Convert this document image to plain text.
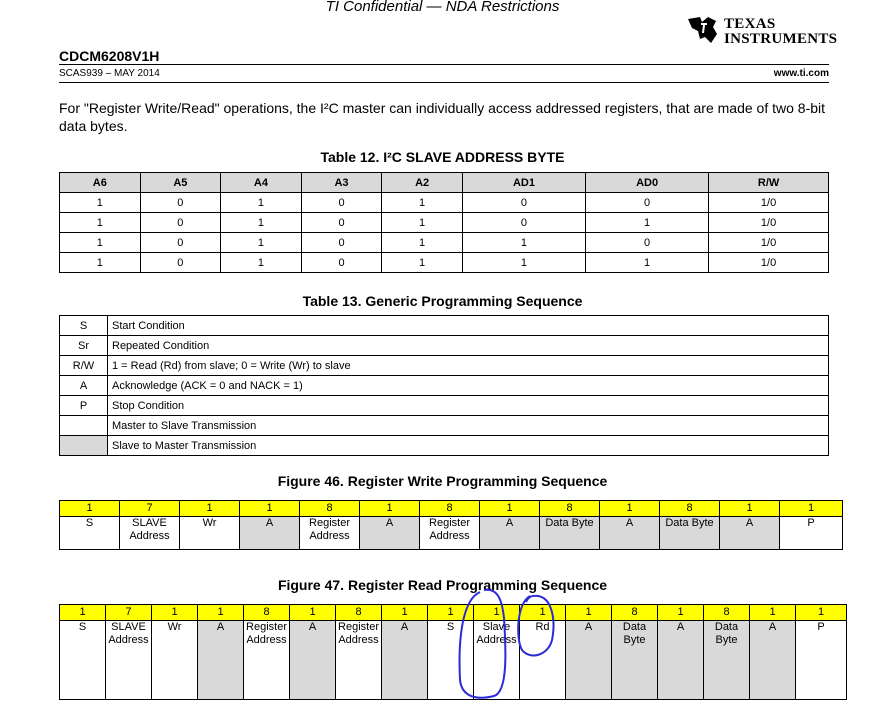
TI Confidential — NDA Restrictions
TEXAS
INSTRUMENTS
CDCM6208V1H
SCAS939 – MAY 2014	www.ti.com
For "Register Write/Read" operations, the I²C master can individually access addressed registers, that are made of two 8-bit data bytes.
Table 12. I²C SLAVE ADDRESS BYTE
A6	A5	A4	A3	A2	AD1	AD0	R/W
1	0	1	0	1	0	0	1/0
1	0	1	0	1	0	1	1/0
1	0	1	0	1	1	0	1/0
1	0	1	0	1	1	1	1/0
Table 13. Generic Programming Sequence
S	Start Condition
Sr	Repeated Condition
R/W	1 = Read (Rd) from slave; 0 = Write (Wr) to slave
A	Acknowledge (ACK = 0 and NACK = 1)
P	Stop Condition
	Master to Slave Transmission
	Slave to Master Transmission
Figure 46. Register Write Programming Sequence
1	7	1	1	8	1	8	1	8	1	8	1	1
S	SLAVE Address	Wr	A	Register Address	A	Register Address	A	Data Byte	A	Data Byte	A	P
Figure 47. Register Read Programming Sequence
1	7	1	1	8	1	8	1	1	1	1	1	8	1	8	1	1
S	SLAVE Address	Wr	A	Register Address	A	Register Address	A	S	Slave Address	Rd	A	Data Byte	A	Data Byte	A	P
